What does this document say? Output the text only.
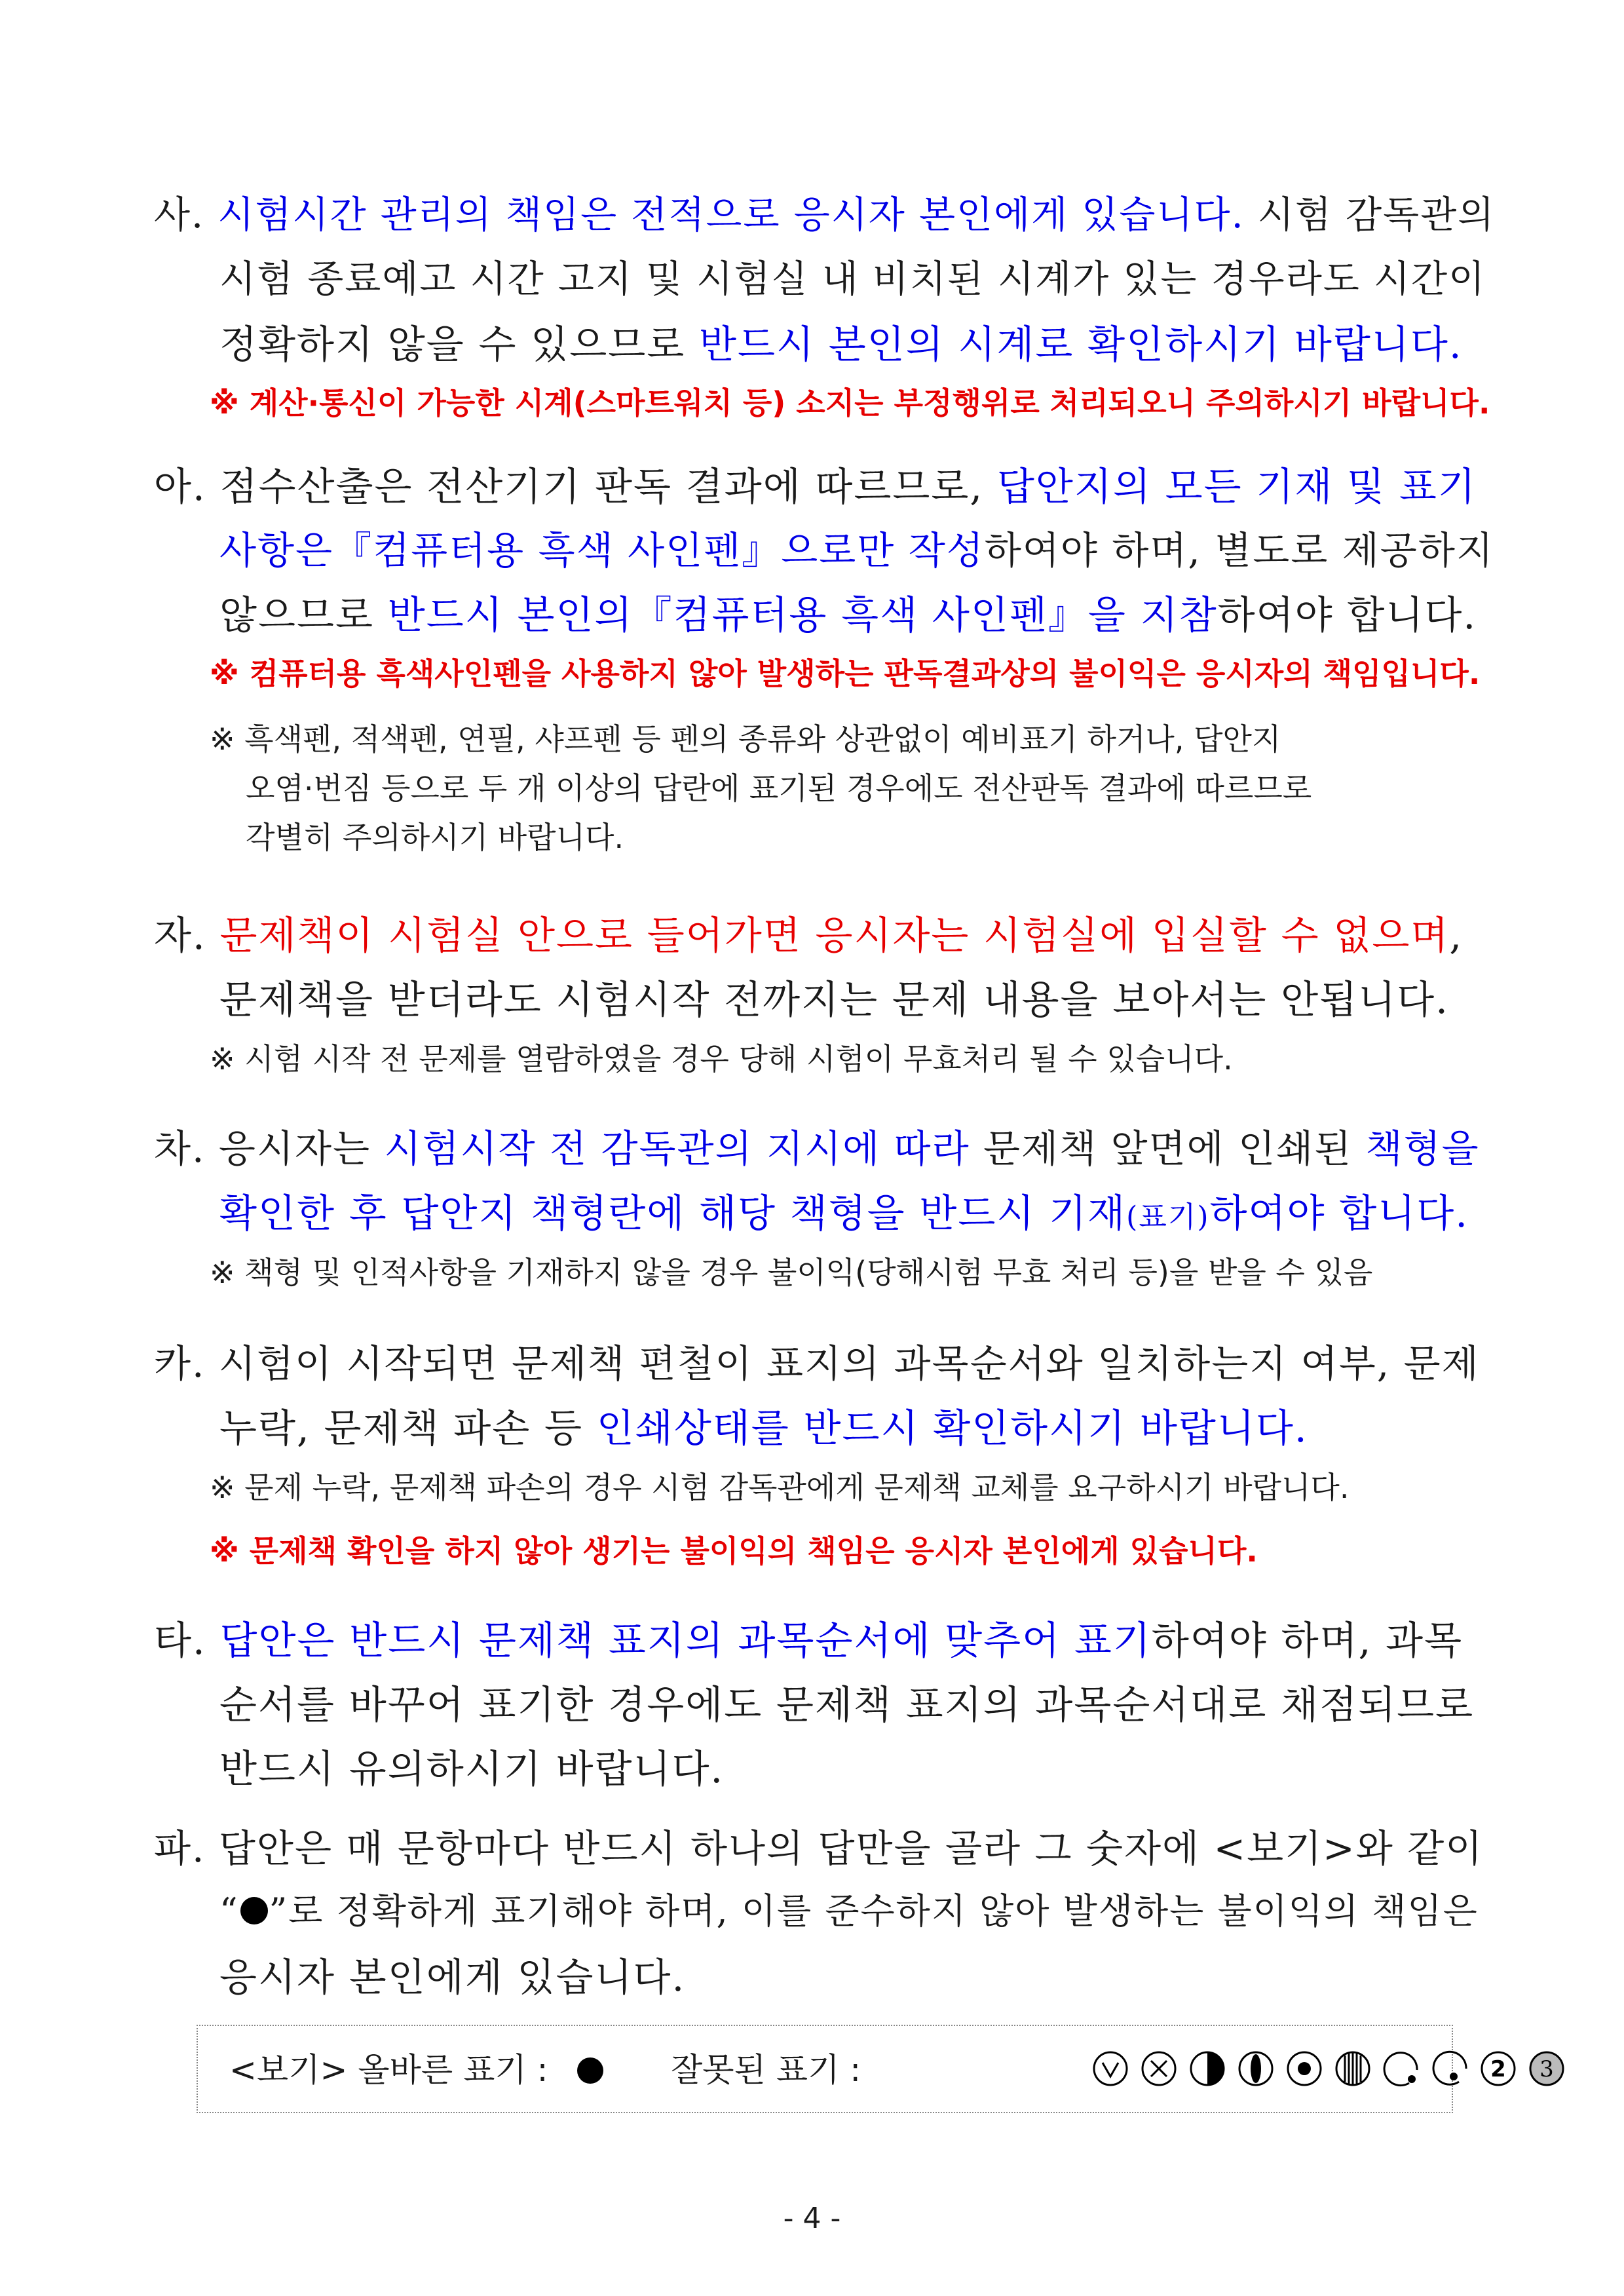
사. 시험시간 관리의 책임은 전적으로 응시자 본인에게 있습니다. 시험 감독관의
시험 종료예고 시간 고지 및 시험실 내 비치된 시계가 있는 경우라도 시간이
정확하지 않을 수 있으므로 반드시 본인의 시계로 확인하시기 바랍니다.
※ 계산·통신이 가능한 시계(스마트워치 등) 소지는 부정행위로 처리되오니 주의하시기 바랍니다.
아. 점수산출은 전산기기 판독 결과에 따르므로, 답안지의 모든 기재 및 표기
사항은『컴퓨터용 흑색 사인펜』으로만 작성하여야 하며, 별도로 제공하지
않으므로 반드시 본인의『컴퓨터용 흑색 사인펜』을 지참하여야 합니다.
※ 컴퓨터용 흑색사인펜을 사용하지 않아 발생하는 판독결과상의 불이익은 응시자의 책임입니다.
※ 흑색펜, 적색펜, 연필, 샤프펜 등 펜의 종류와 상관없이 예비표기 하거나, 답안지
오염·번짐 등으로 두 개 이상의 답란에 표기된 경우에도 전산판독 결과에 따르므로
각별히 주의하시기 바랍니다.
자. 문제책이 시험실 안으로 들어가면 응시자는 시험실에 입실할 수 없으며,
문제책을 받더라도 시험시작 전까지는 문제 내용을 보아서는 안됩니다.
※ 시험 시작 전 문제를 열람하였을 경우 당해 시험이 무효처리 될 수 있습니다.
차. 응시자는 시험시작 전 감독관의 지시에 따라 문제책 앞면에 인쇄된 책형을
확인한 후 답안지 책형란에 해당 책형을 반드시 기재(표기)하여야 합니다.
※ 책형 및 인적사항을 기재하지 않을 경우 불이익(당해시험 무효 처리 등)을 받을 수 있음
카. 시험이 시작되면 문제책 편철이 표지의 과목순서와 일치하는지 여부, 문제
누락, 문제책 파손 등 인쇄상태를 반드시 확인하시기 바랍니다.
※ 문제 누락, 문제책 파손의 경우 시험 감독관에게 문제책 교체를 요구하시기 바랍니다.
※ 문제책 확인을 하지 않아 생기는 불이익의 책임은 응시자 본인에게 있습니다.
타. 답안은 반드시 문제책 표지의 과목순서에 맞추어 표기하여야 하며, 과목
순서를 바꾸어 표기한 경우에도 문제책 표지의 과목순서대로 채점되므로
반드시 유의하시기 바랍니다.
파. 답안은 매 문항마다 반드시 하나의 답만을 골라 그 숫자에 <보기>와 같이
“ ”로 정확하게 표기해야 하며, 이를 준수하지 않아 발생하는 불이익의 책임은
응시자 본인에게 있습니다.
<보기> 올바른 표기 :	잘못된 표기 :	2 3
- 4 -
